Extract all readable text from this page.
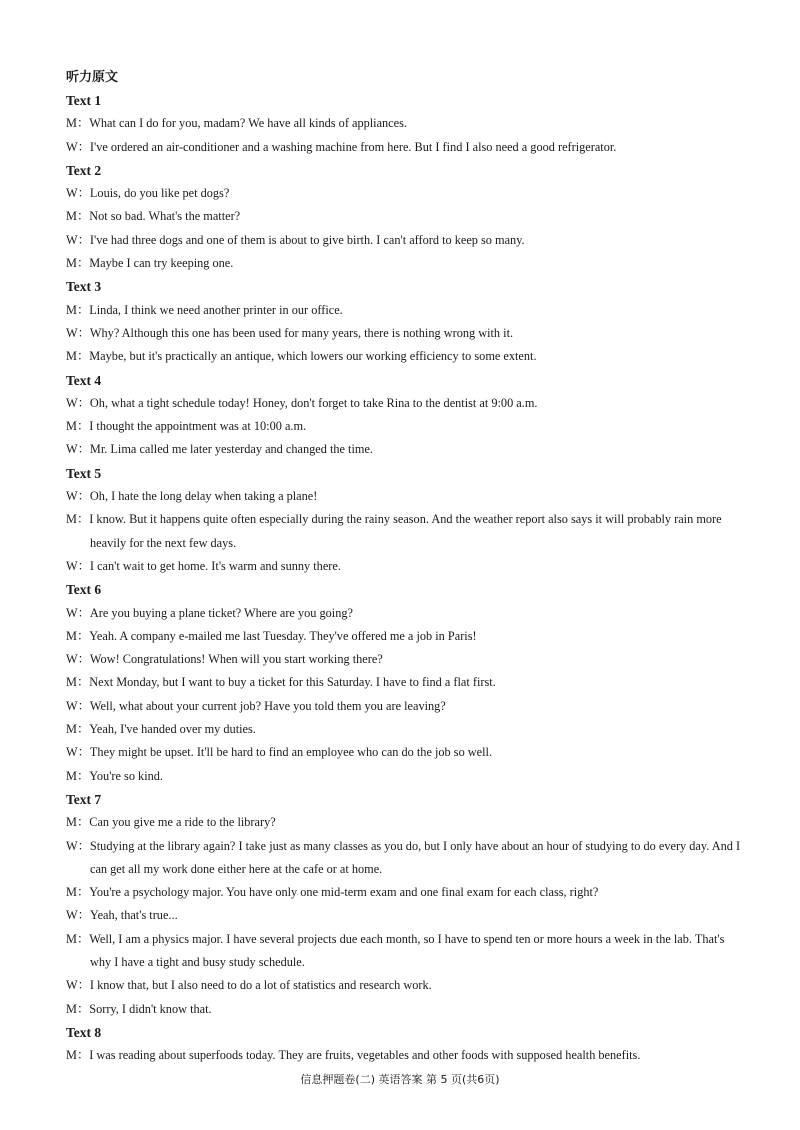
听力原文
Text 1
M：What can I do for you, madam? We have all kinds of appliances.
W：I've ordered an air-conditioner and a washing machine from here. But I find I also need a good refrigerator.
Text 2
W：Louis, do you like pet dogs?
M：Not so bad. What's the matter?
W：I've had three dogs and one of them is about to give birth. I can't afford to keep so many.
M：Maybe I can try keeping one.
Text 3
M：Linda, I think we need another printer in our office.
W：Why? Although this one has been used for many years, there is nothing wrong with it.
M：Maybe, but it's practically an antique, which lowers our working efficiency to some extent.
Text 4
W：Oh, what a tight schedule today! Honey, don't forget to take Rina to the dentist at 9:00 a.m.
M：I thought the appointment was at 10:00 a.m.
W：Mr. Lima called me later yesterday and changed the time.
Text 5
W：Oh, I hate the long delay when taking a plane!
M：I know. But it happens quite often especially during the rainy season. And the weather report also says it will probably rain more heavily for the next few days.
W：I can't wait to get home. It's warm and sunny there.
Text 6
W：Are you buying a plane ticket? Where are you going?
M：Yeah. A company e-mailed me last Tuesday. They've offered me a job in Paris!
W：Wow! Congratulations! When will you start working there?
M：Next Monday, but I want to buy a ticket for this Saturday. I have to find a flat first.
W：Well, what about your current job? Have you told them you are leaving?
M：Yeah, I've handed over my duties.
W：They might be upset. It'll be hard to find an employee who can do the job so well.
M：You're so kind.
Text 7
M：Can you give me a ride to the library?
W：Studying at the library again? I take just as many classes as you do, but I only have about an hour of studying to do every day. And I can get all my work done either here at the cafe or at home.
M：You're a psychology major. You have only one mid-term exam and one final exam for each class, right?
W：Yeah, that's true...
M：Well, I am a physics major. I have several projects due each month, so I have to spend ten or more hours a week in the lab. That's why I have a tight and busy study schedule.
W：I know that, but I also need to do a lot of statistics and research work.
M：Sorry, I didn't know that.
Text 8
M：I was reading about superfoods today. They are fruits, vegetables and other foods with supposed health benefits.
信息押题卷(二) 英语答案 第 5 页(共6页)
